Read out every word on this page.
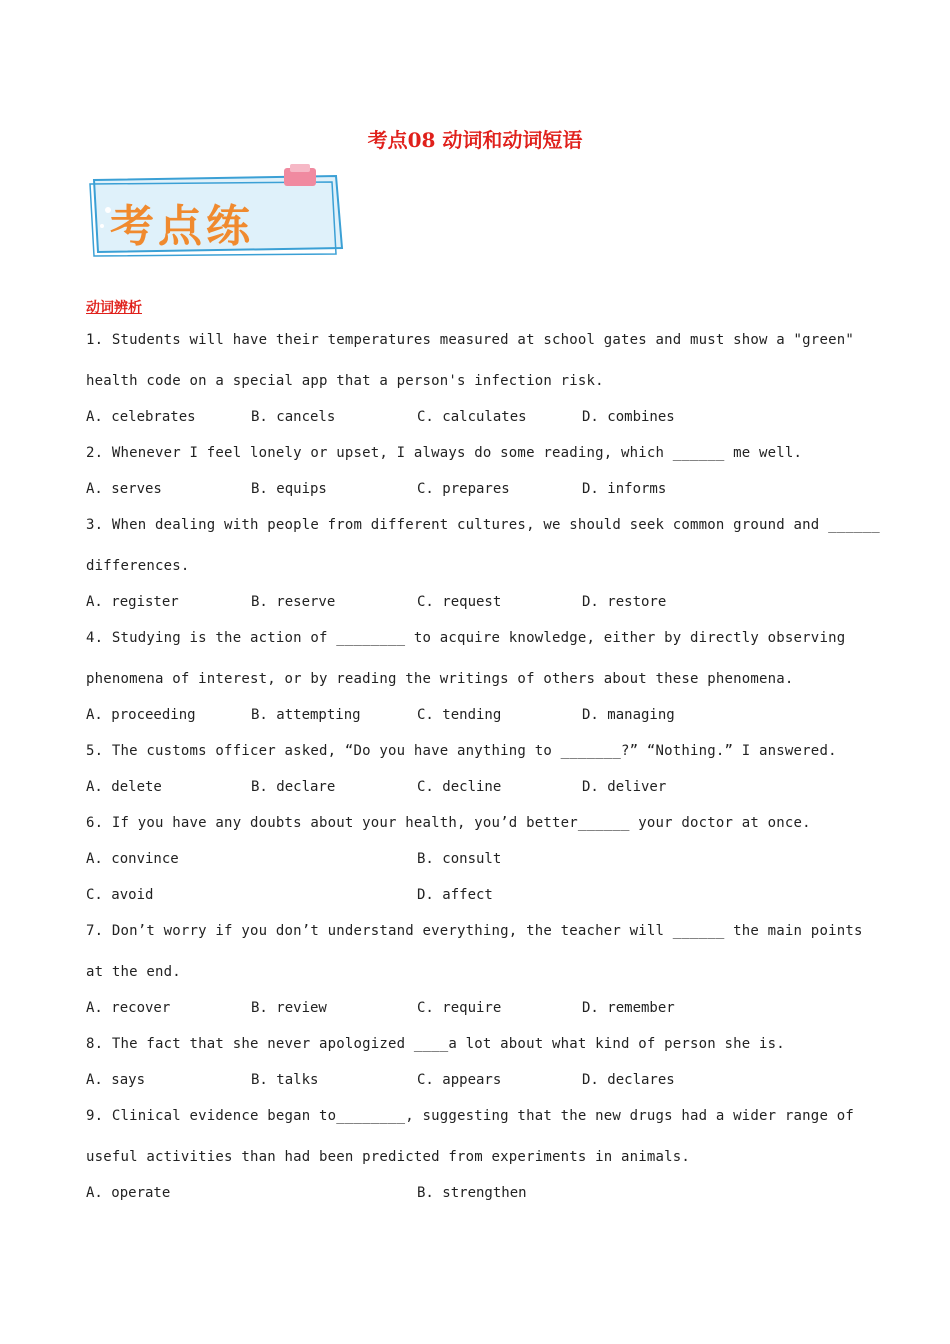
考点08 动词和动词短语
考点练
动词辨析
1. Students will have their temperatures measured at school gates and must show a "green"
health code on a special app that a person's infection risk.
A. celebrates	B. cancels	C. calculates	D. combines
2. Whenever I feel lonely or upset, I always do some reading, which ______ me well.
A. serves	B. equips	C. prepares	D. informs
3. When dealing with people from different cultures, we should seek common ground and ______
differences.
A. register	B. reserve	C. request	D. restore
4. Studying is the action of ________ to acquire knowledge, either by directly observing
phenomena of interest, or by reading the writings of others about these phenomena.
A. proceeding	B. attempting	C. tending	D. managing
5. The customs officer asked, “Do you have anything to _______?” “Nothing.” I answered.
A. delete	B. declare	C. decline	D. deliver
6. If you have any doubts about your health, you’d better______ your doctor at once.
A. convince	B. consult
C. avoid	D. affect
7. Don’t worry if you don’t understand everything, the teacher will ______ the main points
at the end.
A. recover	B. review	C. require	D. remember
8. The fact that she never apologized ____a lot about what kind of person she is.
A. says	B. talks	C. appears	D. declares
9. Clinical evidence began to________, suggesting that the new drugs had a wider range of
useful activities than had been predicted from experiments in animals.
A. operate	B. strengthen
